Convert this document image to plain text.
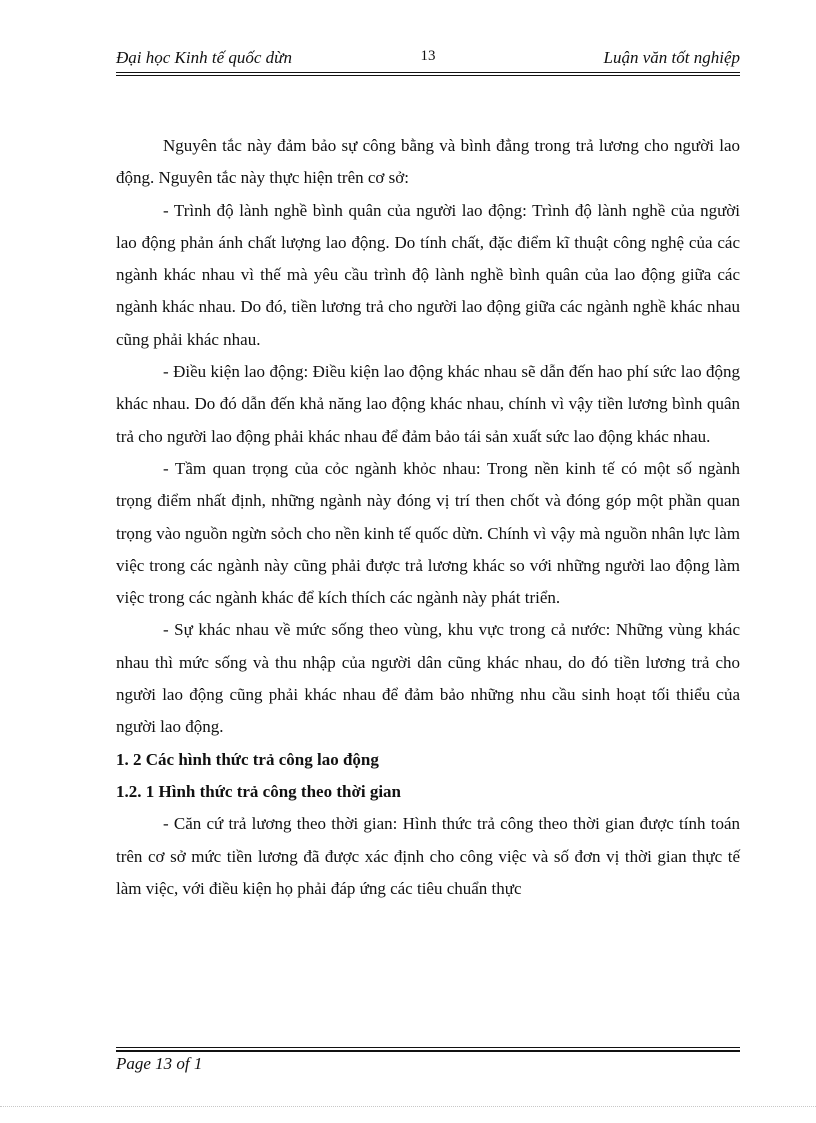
Đại học Kinh tế quốc dừn	13	Luận văn tốt nghiệp

Nguyên tắc này đảm bảo sự công bằng và bình đẳng trong trả lương cho người lao động. Nguyên tắc này thực hiện trên cơ sở:

- Trình độ lành nghề bình quân của người lao động: Trình độ lành nghề của người lao động phản ánh chất lượng lao động. Do tính chất, đặc điểm kĩ thuật công nghệ của các ngành khác nhau vì thế mà yêu cầu trình độ lành nghề bình quân của lao động giữa các ngành khác nhau. Do đó, tiền lương trả cho người lao động giữa các ngành nghề khác nhau cũng phải khác nhau.

- Điều kiện lao động: Điều kiện lao động khác nhau sẽ dẫn đến hao phí sức lao động khác nhau. Do đó dẫn đến khả năng lao động khác nhau, chính vì vậy tiền lương bình quân trả cho người lao động phải khác nhau để đảm bảo tái sản xuất sức lao động khác nhau.

- Tầm quan trọng của cỏc ngành khỏc nhau: Trong nền kinh tế có một số ngành trọng điểm nhất định, những ngành này đóng vị trí then chốt và đóng góp một phần quan trọng vào nguồn ngừn sỏch cho nền kinh tế quốc dừn. Chính vì vậy mà nguồn nhân lực làm việc trong các ngành này cũng phải được trả lương khác so với những người lao động làm việc trong các ngành khác để kích thích các ngành này phát triển.

- Sự khác nhau về mức sống theo vùng, khu vực trong cả nước: Những vùng khác nhau thì mức sống và thu nhập của người dân cũng khác nhau, do đó tiền lương trả cho người lao động cũng phải khác nhau để đảm bảo những nhu cầu sinh hoạt tối thiểu của người lao động.

1. 2 Các hình thức trả công lao động

1.2. 1 Hình thức trả công theo thời gian

- Căn cứ trả lương theo thời gian: Hình thức trả công theo thời gian được tính toán trên cơ sở mức tiền lương đã được xác định cho công việc và số đơn vị thời gian thực tế làm việc, với điều kiện họ phải đáp ứng các tiêu chuẩn thực

Page 13 of 1
